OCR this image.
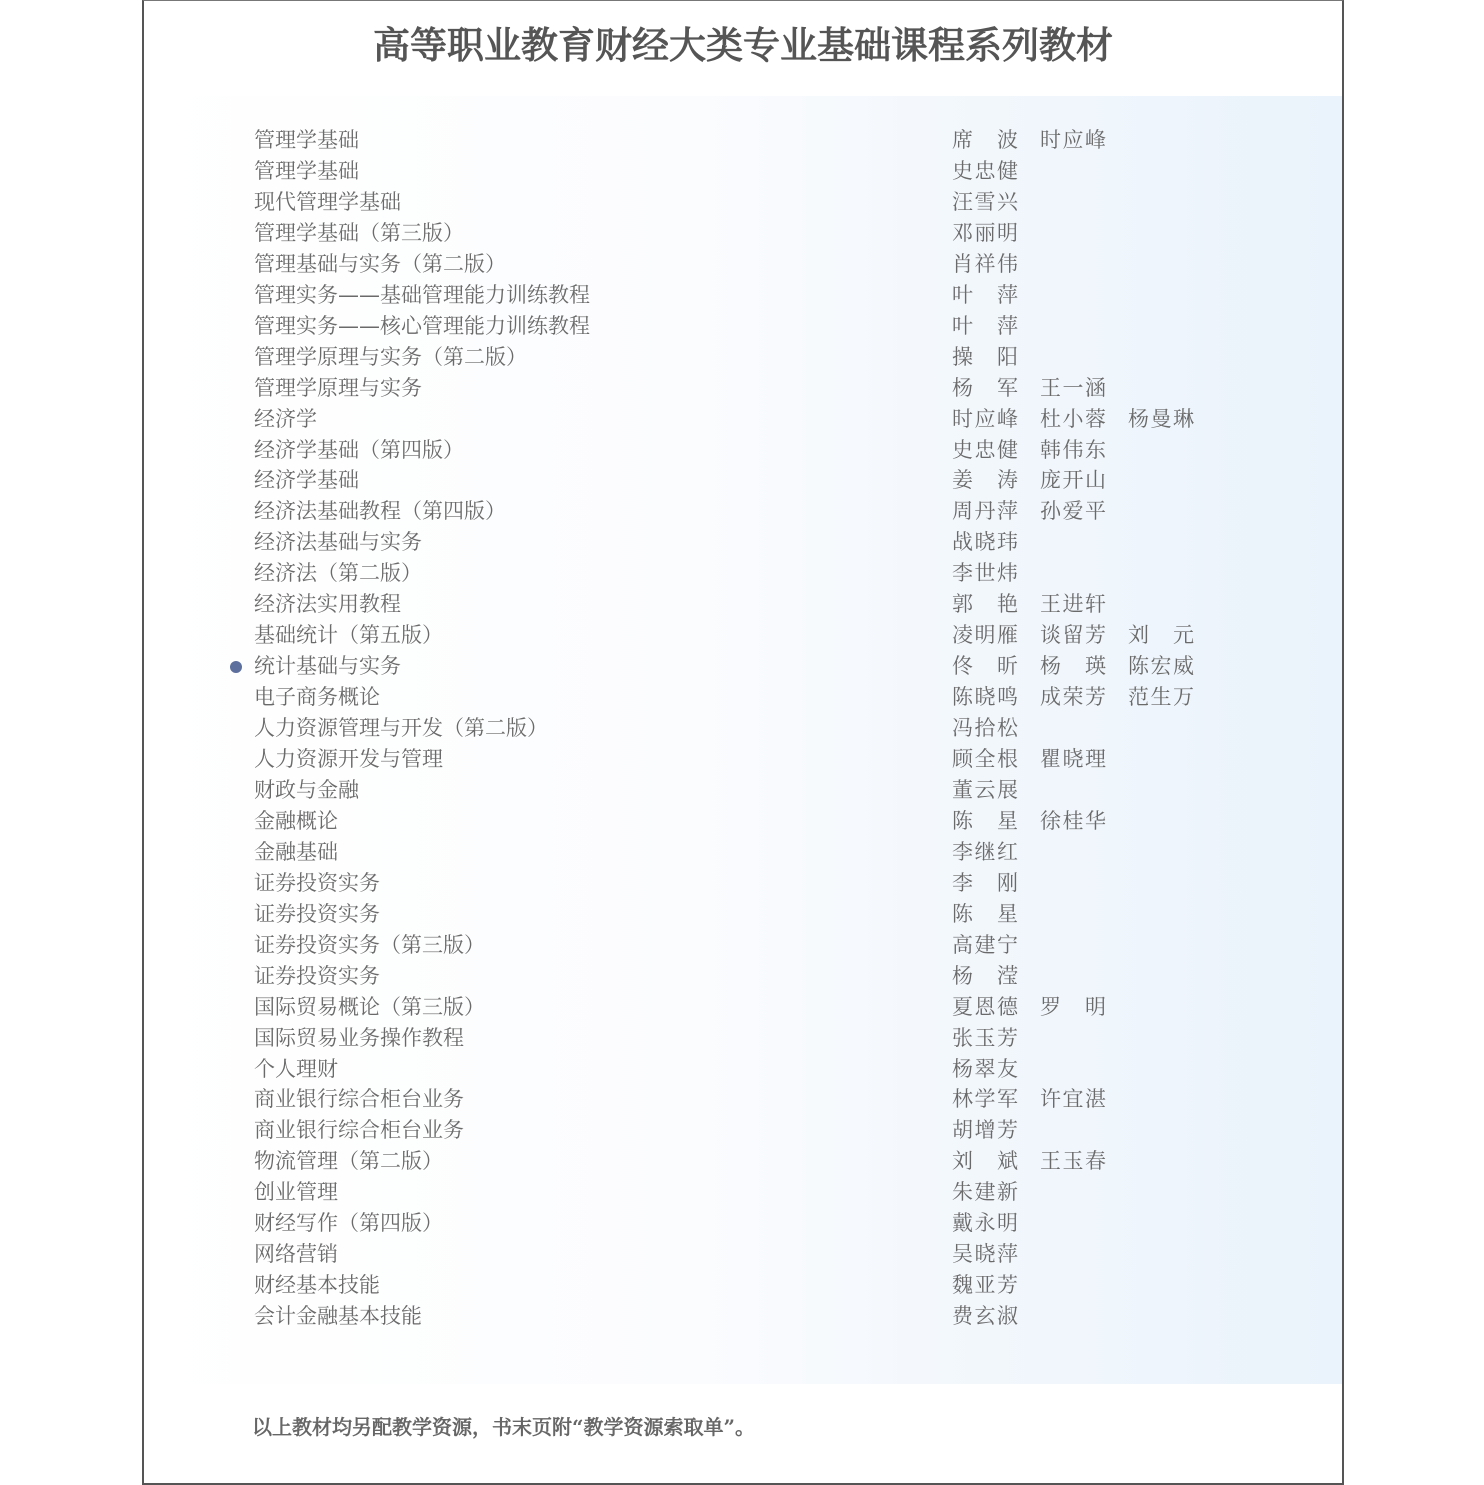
高等职业教育财经大类专业基础课程系列教材
管理学基础	席　波 时应峰
管理学基础	史忠健
现代管理学基础	汪雪兴
管理学基础（第三版）	邓丽明
管理基础与实务（第二版）	肖祥伟
管理实务——基础管理能力训练教程	叶　萍
管理实务——核心管理能力训练教程	叶　萍
管理学原理与实务（第二版）	操　阳
管理学原理与实务	杨　军 王一涵
经济学	时应峰 杜小蓉 杨曼琳
经济学基础（第四版）	史忠健 韩伟东
经济学基础	姜　涛 庞开山
经济法基础教程（第四版）	周丹萍 孙爱平
经济法基础与实务	战晓玮
经济法（第二版）	李世炜
经济法实用教程	郭　艳 王进轩
基础统计（第五版）	凌明雁 谈留芳 刘　元
统计基础与实务	佟　昕 杨　瑛 陈宏威
电子商务概论	陈晓鸣 成荣芳 范生万
人力资源管理与开发（第二版）	冯拾松
人力资源开发与管理	顾全根 瞿晓理
财政与金融	董云展
金融概论	陈　星 徐桂华
金融基础	李继红
证券投资实务	李　刚
证券投资实务	陈　星
证券投资实务（第三版）	高建宁
证券投资实务	杨　滢
国际贸易概论（第三版）	夏恩德 罗　明
国际贸易业务操作教程	张玉芳
个人理财	杨翠友
商业银行综合柜台业务	林学军 许宜湛
商业银行综合柜台业务	胡增芳
物流管理（第二版）	刘　斌 王玉春
创业管理	朱建新
财经写作（第四版）	戴永明
网络营销	吴晓萍
财经基本技能	魏亚芳
会计金融基本技能	费玄淑
以上教材均另配教学资源，书末页附“教学资源索取单”。
